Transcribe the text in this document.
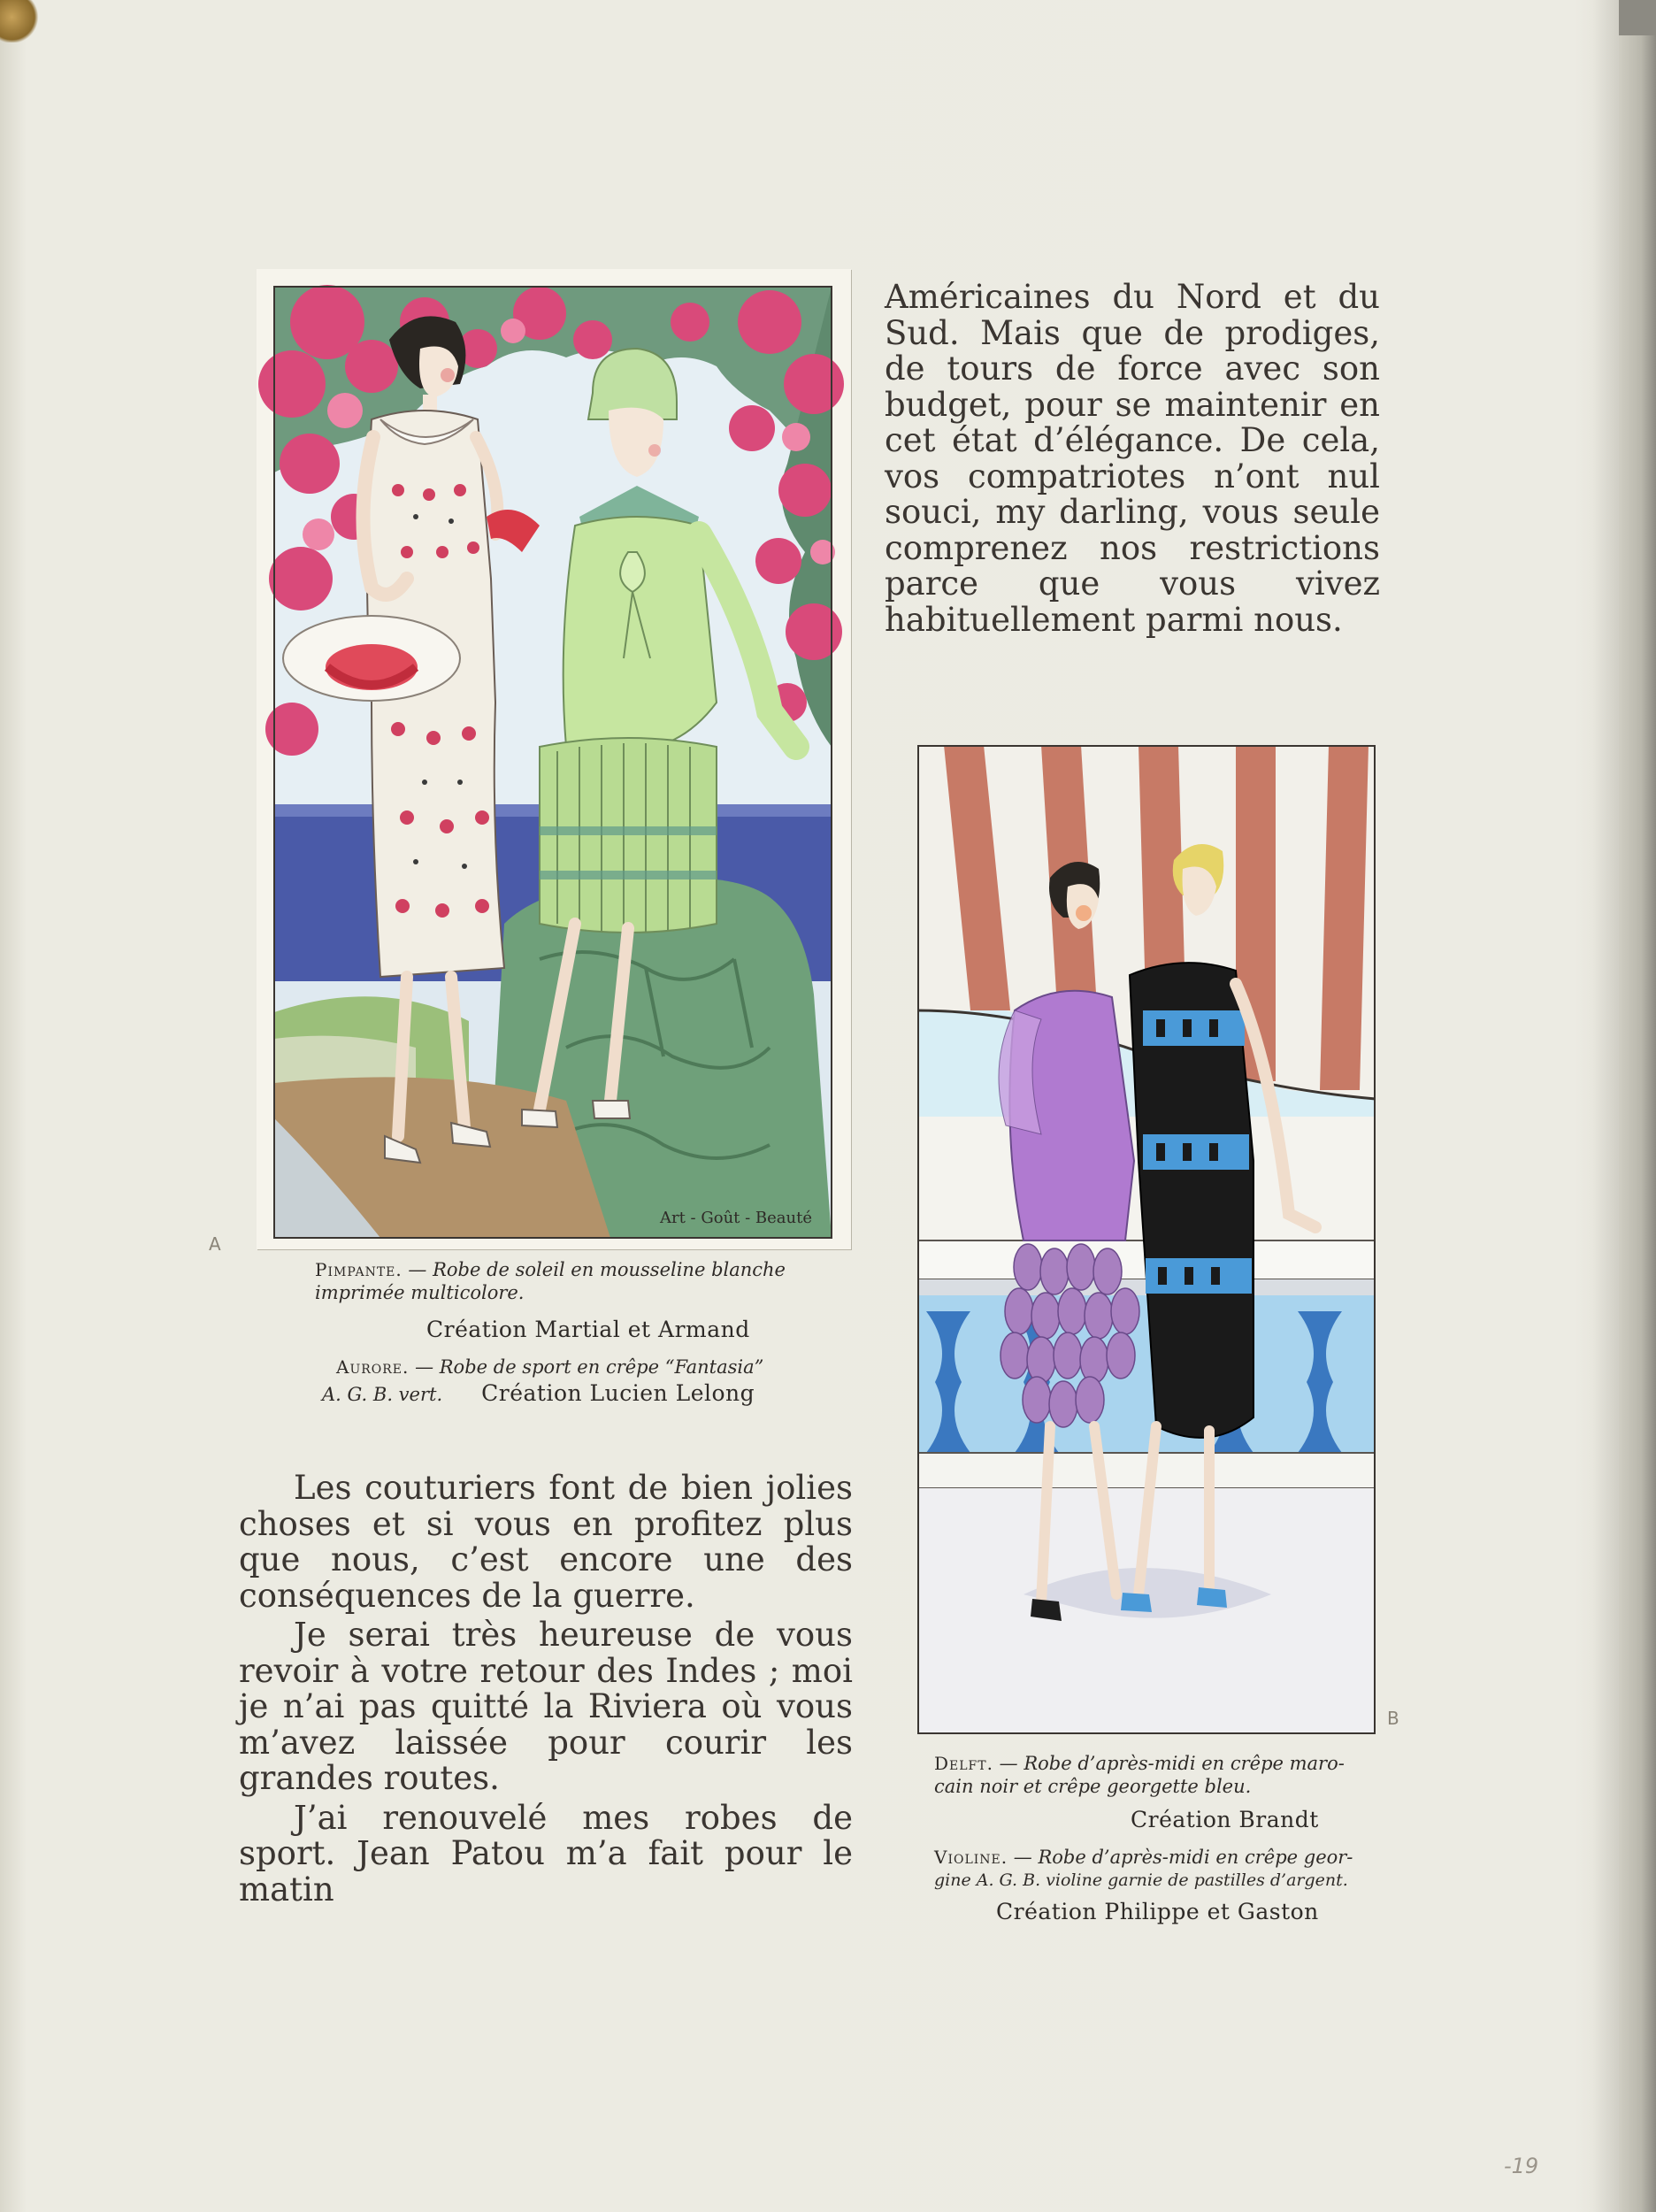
Art - Goût - Beauté
A
Pimpante. — Robe de soleil en mousseline blanche
imprimée multicolore.
Création Martial et Armand
Aurore. — Robe de sport en crêpe “Fantasia”
A. G. B. vert. Création Lucien Lelong

Les couturiers font de bien jolies choses et si vous en profitez plus que nous, c’est encore une des conséquences de la guerre.

Je serai très heureuse de vous revoir à votre retour des Indes ; moi je n’ai pas quitté la Riviera où vous m’avez laissée pour courir les grandes routes.

J’ai renouvelé mes robes de sport. Jean Patou m’a fait pour le matin

Américaines du Nord et du Sud. Mais que de prodiges, de tours de force avec son budget, pour se maintenir en cet état d’élégance. De cela, vos compatriotes n’ont nul souci, my darling, vous seule comprenez nos restrictions parce que vous vivez habituellement parmi nous.

B
Delft. — Robe d’après-midi en crêpe maro-
cain noir et crêpe georgette bleu.
Création Brandt
Violine. — Robe d’après-midi en crêpe geor-
gine A. G. B. violine garnie de pastilles d’argent.
Création Philippe et Gaston
-19
